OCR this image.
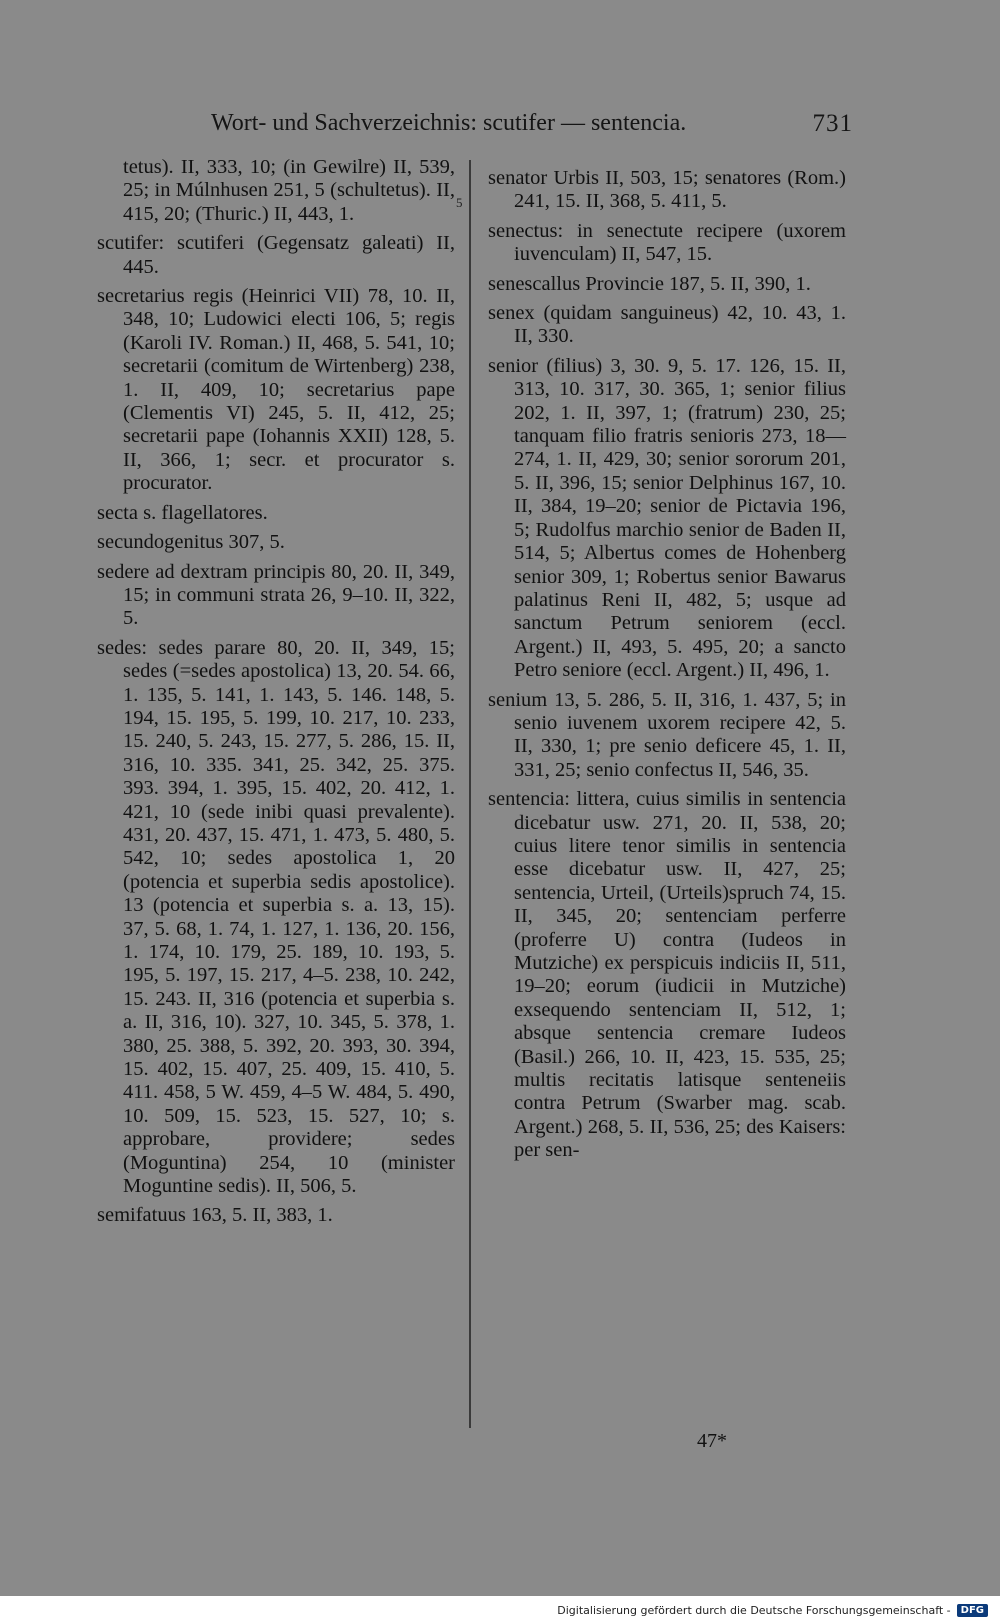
Wort- und Sachverzeichnis: scutifer — sentencia.	731

tetus). II, 333, 10; (in Gewilre) II, 539, 25; in Múlnhusen 251, 5 (schultetus). II, 415, 20; (Thuric.) II, 443, 1.

scutifer: scutiferi (Gegensatz galeati) II, 445.

secretarius regis (Heinrici VII) 78, 10. II, 348, 10; Ludowici electi 106, 5; regis (Karoli IV. Roman.) II, 468, 5. 541, 10; secretarii (comitum de Wirtenberg) 238, 1. II, 409, 10; secretarius pape (Clementis VI) 245, 5. II, 412, 25; secretarii pape (Iohannis XXII) 128, 5. II, 366, 1; secr. et procurator s. procurator.

secta s. flagellatores.

secundogenitus 307, 5.

sedere ad dextram principis 80, 20. II, 349, 15; in communi strata 26, 9–10. II, 322, 5.

sedes: sedes parare 80, 20. II, 349, 15; sedes (=sedes apostolica) 13, 20. 54. 66, 1. 135, 5. 141, 1. 143, 5. 146. 148, 5. 194, 15. 195, 5. 199, 10. 217, 10. 233, 15. 240, 5. 243, 15. 277, 5. 286, 15. II, 316, 10. 335. 341, 25. 342, 25. 375. 393. 394, 1. 395, 15. 402, 20. 412, 1. 421, 10 (sede inibi quasi prevalente). 431, 20. 437, 15. 471, 1. 473, 5. 480, 5. 542, 10; sedes apostolica 1, 20 (potencia et superbia sedis apostolice). 13 (potencia et superbia s. a. 13, 15). 37, 5. 68, 1. 74, 1. 127, 1. 136, 20. 156, 1. 174, 10. 179, 25. 189, 10. 193, 5. 195, 5. 197, 15. 217, 4–5. 238, 10. 242, 15. 243. II, 316 (potencia et superbia s. a. II, 316, 10). 327, 10. 345, 5. 378, 1. 380, 25. 388, 5. 392, 20. 393, 30. 394, 15. 402, 15. 407, 25. 409, 15. 410, 5. 411. 458, 5 W. 459, 4–5 W. 484, 5. 490, 10. 509, 15. 523, 15. 527, 10; s. approbare, providere; sedes (Moguntina) 254, 10 (minister Moguntine sedis). II, 506, 5.

semifatuus 163, 5. II, 383, 1.

5

senator Urbis II, 503, 15; senatores (Rom.) 241, 15. II, 368, 5. 411, 5.

senectus: in senectute recipere (uxorem iuvenculam) II, 547, 15.

senescallus Provincie 187, 5. II, 390, 1.

senex (quidam sanguineus) 42, 10. 43, 1. II, 330.

senior (filius) 3, 30. 9, 5. 17. 126, 15. II, 313, 10. 317, 30. 365, 1; senior filius 202, 1. II, 397, 1; (fratrum) 230, 25; tanquam filio fratris senioris 273, 18—274, 1. II, 429, 30; senior sororum 201, 5. II, 396, 15; senior Delphinus 167, 10. II, 384, 19–20; senior de Pictavia 196, 5; Rudolfus marchio senior de Baden II, 514, 5; Albertus comes de Hohenberg senior 309, 1; Robertus senior Bawarus palatinus Reni II, 482, 5; usque ad sanctum Petrum seniorem (eccl. Argent.) II, 493, 5. 495, 20; a sancto Petro seniore (eccl. Argent.) II, 496, 1.

senium 13, 5. 286, 5. II, 316, 1. 437, 5; in senio iuvenem uxorem recipere 42, 5. II, 330, 1; pre senio deficere 45, 1. II, 331, 25; senio confectus II, 546, 35.

sentencia: littera, cuius similis in sentencia dicebatur usw. 271, 20. II, 538, 20; cuius litere tenor similis in sentencia esse dicebatur usw. II, 427, 25; sentencia, Urteil, (Urteils)spruch 74, 15. II, 345, 20; sentenciam perferre (proferre U) contra (Iudeos in Mutziche) ex perspicuis indiciis II, 511, 19–20; eorum (iudicii in Mutziche) exsequendo sentenciam II, 512, 1; absque sentencia cremare Iudeos (Basil.) 266, 10. II, 423, 15. 535, 25; multis recitatis latisque senteneiis contra Petrum (Swarber mag. scab. Argent.) 268, 5. II, 536, 25; des Kaisers: per sen-

47*
Digitalisierung gefördert durch die Deutsche Forschungsgemeinschaft -	DFG
